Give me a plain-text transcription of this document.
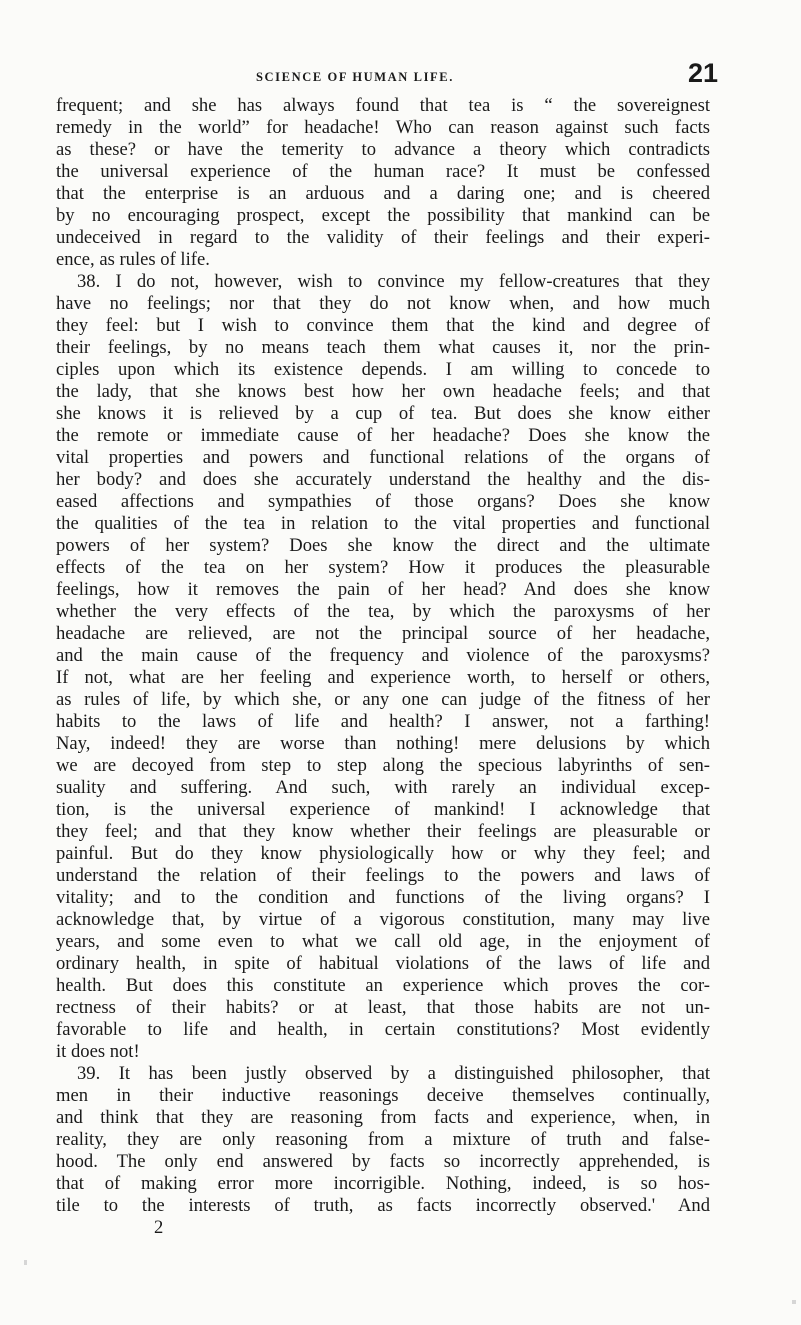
SCIENCE OF HUMAN LIFE.	21
frequent; and she has always found that tea is “ the sovereignest
remedy in the world” for headache! Who can reason against such facts
as these? or have the temerity to advance a theory which contradicts
the universal experience of the human race? It must be confessed
that the enterprise is an arduous and a daring one; and is cheered
by no encouraging prospect, except the possibility that mankind can be
undeceived in regard to the validity of their feelings and their experi-
ence, as rules of life.
38. I do not, however, wish to convince my fellow-creatures that they
have no feelings; nor that they do not know when, and how much
they feel: but I wish to convince them that the kind and degree of
their feelings, by no means teach them what causes it, nor the prin-
ciples upon which its existence depends. I am willing to concede to
the lady, that she knows best how her own headache feels; and that
she knows it is relieved by a cup of tea. But does she know either
the remote or immediate cause of her headache? Does she know the
vital properties and powers and functional relations of the organs of
her body? and does she accurately understand the healthy and the dis-
eased affections and sympathies of those organs? Does she know
the qualities of the tea in relation to the vital properties and functional
powers of her system? Does she know the direct and the ultimate
effects of the tea on her system? How it produces the pleasurable
feelings, how it removes the pain of her head? And does she know
whether the very effects of the tea, by which the paroxysms of her
headache are relieved, are not the principal source of her headache,
and the main cause of the frequency and violence of the paroxysms?
If not, what are her feeling and experience worth, to herself or others,
as rules of life, by which she, or any one can judge of the fitness of her
habits to the laws of life and health? I answer, not a farthing!
Nay, indeed! they are worse than nothing! mere delusions by which
we are decoyed from step to step along the specious labyrinths of sen-
suality and suffering. And such, with rarely an individual excep-
tion, is the universal experience of mankind! I acknowledge that
they feel; and that they know whether their feelings are pleasurable or
painful. But do they know physiologically how or why they feel; and
understand the relation of their feelings to the powers and laws of
vitality; and to the condition and functions of the living organs? I
acknowledge that, by virtue of a vigorous constitution, many may live
years, and some even to what we call old age, in the enjoyment of
ordinary health, in spite of habitual violations of the laws of life and
health. But does this constitute an experience which proves the cor-
rectness of their habits? or at least, that those habits are not un-
favorable to life and health, in certain constitutions? Most evidently
it does not!
39. It has been justly observed by a distinguished philosopher, that
men in their inductive reasonings deceive themselves continually,
and think that they are reasoning from facts and experience, when, in
reality, they are only reasoning from a mixture of truth and false-
hood. The only end answered by facts so incorrectly apprehended, is
that of making error more incorrigible. Nothing, indeed, is so hos-
tile to the interests of truth, as facts incorrectly observed.' And
2
